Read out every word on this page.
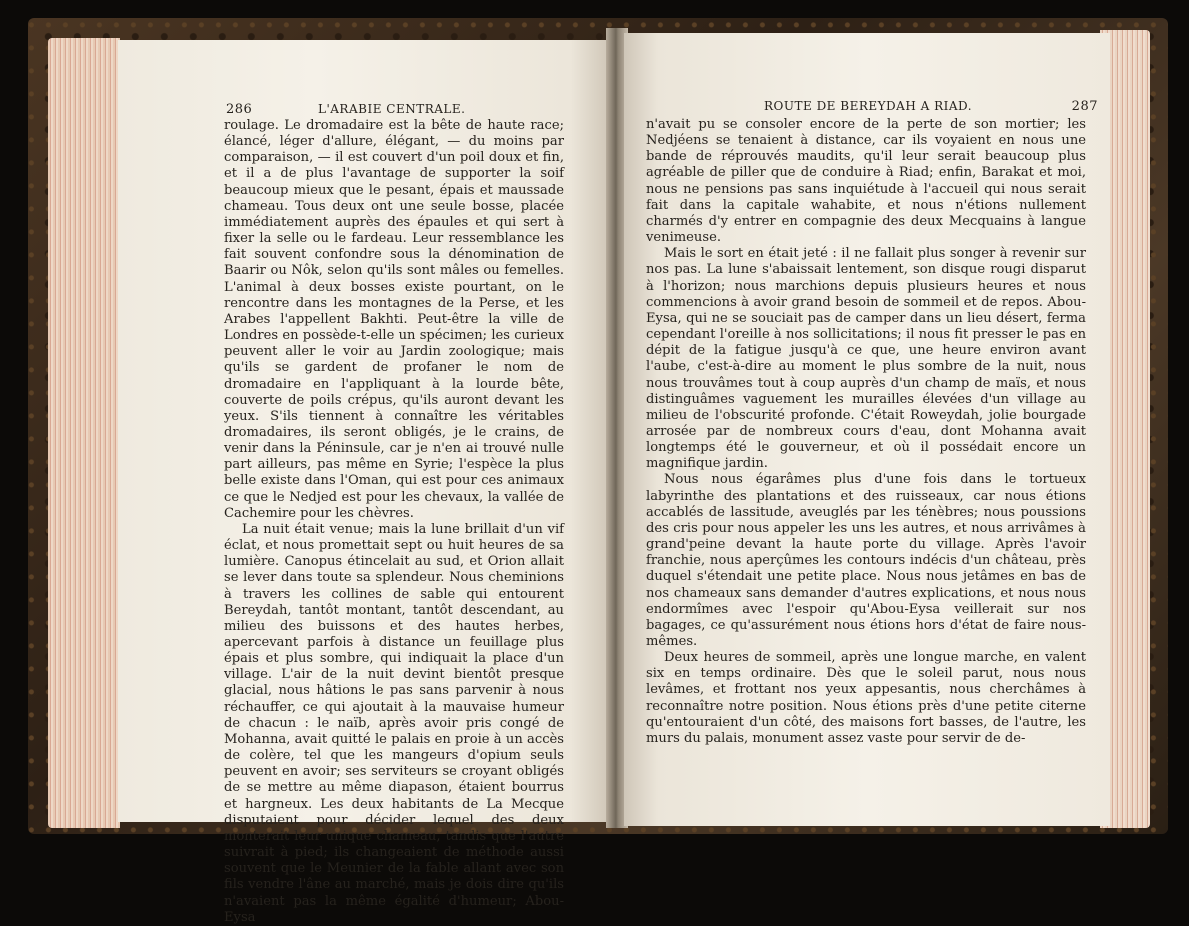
286	L'ARABIE CENTRALE.

roulage. Le dromadaire est la bête de haute race; élancé, léger d'allure, élégant, — du moins par comparaison, — il est couvert d'un poil doux et fin, et il a de plus l'avantage de supporter la soif beaucoup mieux que le pesant, épais et maussade chameau. Tous deux ont une seule bosse, placée immédiatement auprès des épaules et qui sert à fixer la selle ou le fardeau. Leur ressemblance les fait souvent confondre sous la dénomination de Baarir ou Nôk, selon qu'ils sont mâles ou femelles. L'animal à deux bosses existe pourtant, on le rencontre dans les montagnes de la Perse, et les Arabes l'appellent Bakhti. Peut-être la ville de Londres en possède-t-elle un spécimen; les curieux peuvent aller le voir au Jardin zoologique; mais qu'ils se gardent de profaner le nom de dromadaire en l'appliquant à la lourde bête, couverte de poils crépus, qu'ils auront devant les yeux. S'ils tiennent à connaître les véritables dromadaires, ils seront obligés, je le crains, de venir dans la Péninsule, car je n'en ai trouvé nulle part ailleurs, pas même en Syrie; l'espèce la plus belle existe dans l'Oman, qui est pour ces animaux ce que le Nedjed est pour les chevaux, la vallée de Cachemire pour les chèvres.

La nuit était venue; mais la lune brillait d'un vif éclat, et nous promettait sept ou huit heures de sa lumière. Canopus étincelait au sud, et Orion allait se lever dans toute sa splendeur. Nous cheminions à travers les collines de sable qui entourent Bereydah, tantôt montant, tantôt descendant, au milieu des buissons et des hautes herbes, apercevant parfois à distance un feuillage plus épais et plus sombre, qui indiquait la place d'un village. L'air de la nuit devint bientôt presque glacial, nous hâtions le pas sans parvenir à nous réchauffer, ce qui ajoutait à la mauvaise humeur de chacun : le naïb, après avoir pris congé de Mohanna, avait quitté le palais en proie à un accès de colère, tel que les mangeurs d'opium seuls peuvent en avoir; ses serviteurs se croyant obligés de se mettre au même diapason, étaient bourrus et hargneux. Les deux habitants de La Mecque disputaient pour décider lequel des deux monterait leur unique chameau, tandis que l'autre suivrait à pied; ils changeaient de méthode aussi souvent que le Meunier de la fable allant avec son fils vendre l'âne au marché, mais je dois dire qu'ils n'avaient pas la même égalité d'humeur; Abou-Eysa

ROUTE DE BEREYDAH A RIAD.	287

n'avait pu se consoler encore de la perte de son mortier; les Nedjéens se tenaient à distance, car ils voyaient en nous une bande de réprouvés maudits, qu'il leur serait beaucoup plus agréable de piller que de conduire à Riad; enfin, Barakat et moi, nous ne pensions pas sans inquiétude à l'accueil qui nous serait fait dans la capitale wahabite, et nous n'étions nullement charmés d'y entrer en compagnie des deux Mecquains à langue venimeuse.

Mais le sort en était jeté : il ne fallait plus songer à revenir sur nos pas. La lune s'abaissait lentement, son disque rougi disparut à l'horizon; nous marchions depuis plusieurs heures et nous commencions à avoir grand besoin de sommeil et de repos. Abou-Eysa, qui ne se souciait pas de camper dans un lieu désert, ferma cependant l'oreille à nos sollicitations; il nous fit presser le pas en dépit de la fatigue jusqu'à ce que, une heure environ avant l'aube, c'est-à-dire au moment le plus sombre de la nuit, nous nous trouvâmes tout à coup auprès d'un champ de maïs, et nous distinguâmes vaguement les murailles élevées d'un village au milieu de l'obscurité profonde. C'était Roweydah, jolie bourgade arrosée par de nombreux cours d'eau, dont Mohanna avait longtemps été le gouverneur, et où il possédait encore un magnifique jardin.

Nous nous égarâmes plus d'une fois dans le tortueux labyrinthe des plantations et des ruisseaux, car nous étions accablés de lassitude, aveuglés par les ténèbres; nous poussions des cris pour nous appeler les uns les autres, et nous arrivâmes à grand'peine devant la haute porte du village. Après l'avoir franchie, nous aperçûmes les contours indécis d'un château, près duquel s'étendait une petite place. Nous nous jetâmes en bas de nos chameaux sans demander d'autres explications, et nous nous endormîmes avec l'espoir qu'Abou-Eysa veillerait sur nos bagages, ce qu'assurément nous étions hors d'état de faire nous-mêmes.

Deux heures de sommeil, après une longue marche, en valent six en temps ordinaire. Dès que le soleil parut, nous nous levâmes, et frottant nos yeux appesantis, nous cherchâmes à reconnaître notre position. Nous étions près d'une petite citerne qu'entouraient d'un côté, des maisons fort basses, de l'autre, les murs du palais, monument assez vaste pour servir de de-
